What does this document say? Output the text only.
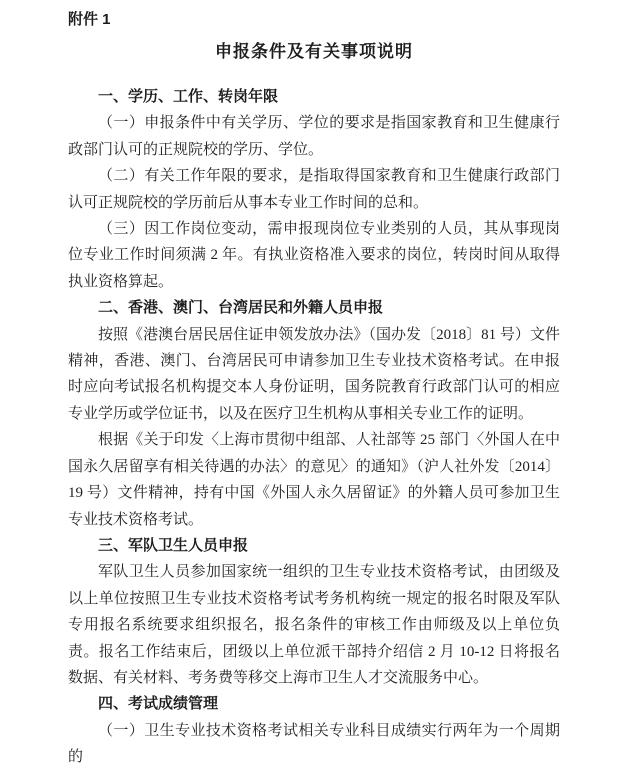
附件 1
申报条件及有关事项说明
一、学历、工作、转岗年限

（一）申报条件中有关学历、学位的要求是指国家教育和卫生健康行政部门认可的正规院校的学历、学位。

（二）有关工作年限的要求，是指取得国家教育和卫生健康行政部门认可正规院校的学历前后从事本专业工作时间的总和。

（三）因工作岗位变动，需申报现岗位专业类别的人员，其从事现岗位专业工作时间须满 2 年。有执业资格准入要求的岗位，转岗时间从取得执业资格算起。

二、香港、澳门、台湾居民和外籍人员申报

按照《港澳台居民居住证申领发放办法》（国办发〔2018〕81 号）文件精神，香港、澳门、台湾居民可申请参加卫生专业技术资格考试。在申报时应向考试报名机构提交本人身份证明，国务院教育行政部门认可的相应专业学历或学位证书，以及在医疗卫生机构从事相关专业工作的证明。

根据《关于印发〈上海市贯彻中组部、人社部等 25 部门〈外国人在中国永久居留享有相关待遇的办法〉的意见〉的通知》（沪人社外发〔2014〕19 号）文件精神，持有中国《外国人永久居留证》的外籍人员可参加卫生专业技术资格考试。

三、军队卫生人员申报

军队卫生人员参加国家统一组织的卫生专业技术资格考试，由团级及以上单位按照卫生专业技术资格考试考务机构统一规定的报名时限及军队专用报名系统要求组织报名，报名条件的审核工作由师级及以上单位负责。报名工作结束后，团级以上单位派干部持介绍信 2 月 10-12 日将报名数据、有关材料、考务费等移交上海市卫生人才交流服务中心。

四、考试成绩管理

（一）卫生专业技术资格考试相关专业科目成绩实行两年为一个周期的
